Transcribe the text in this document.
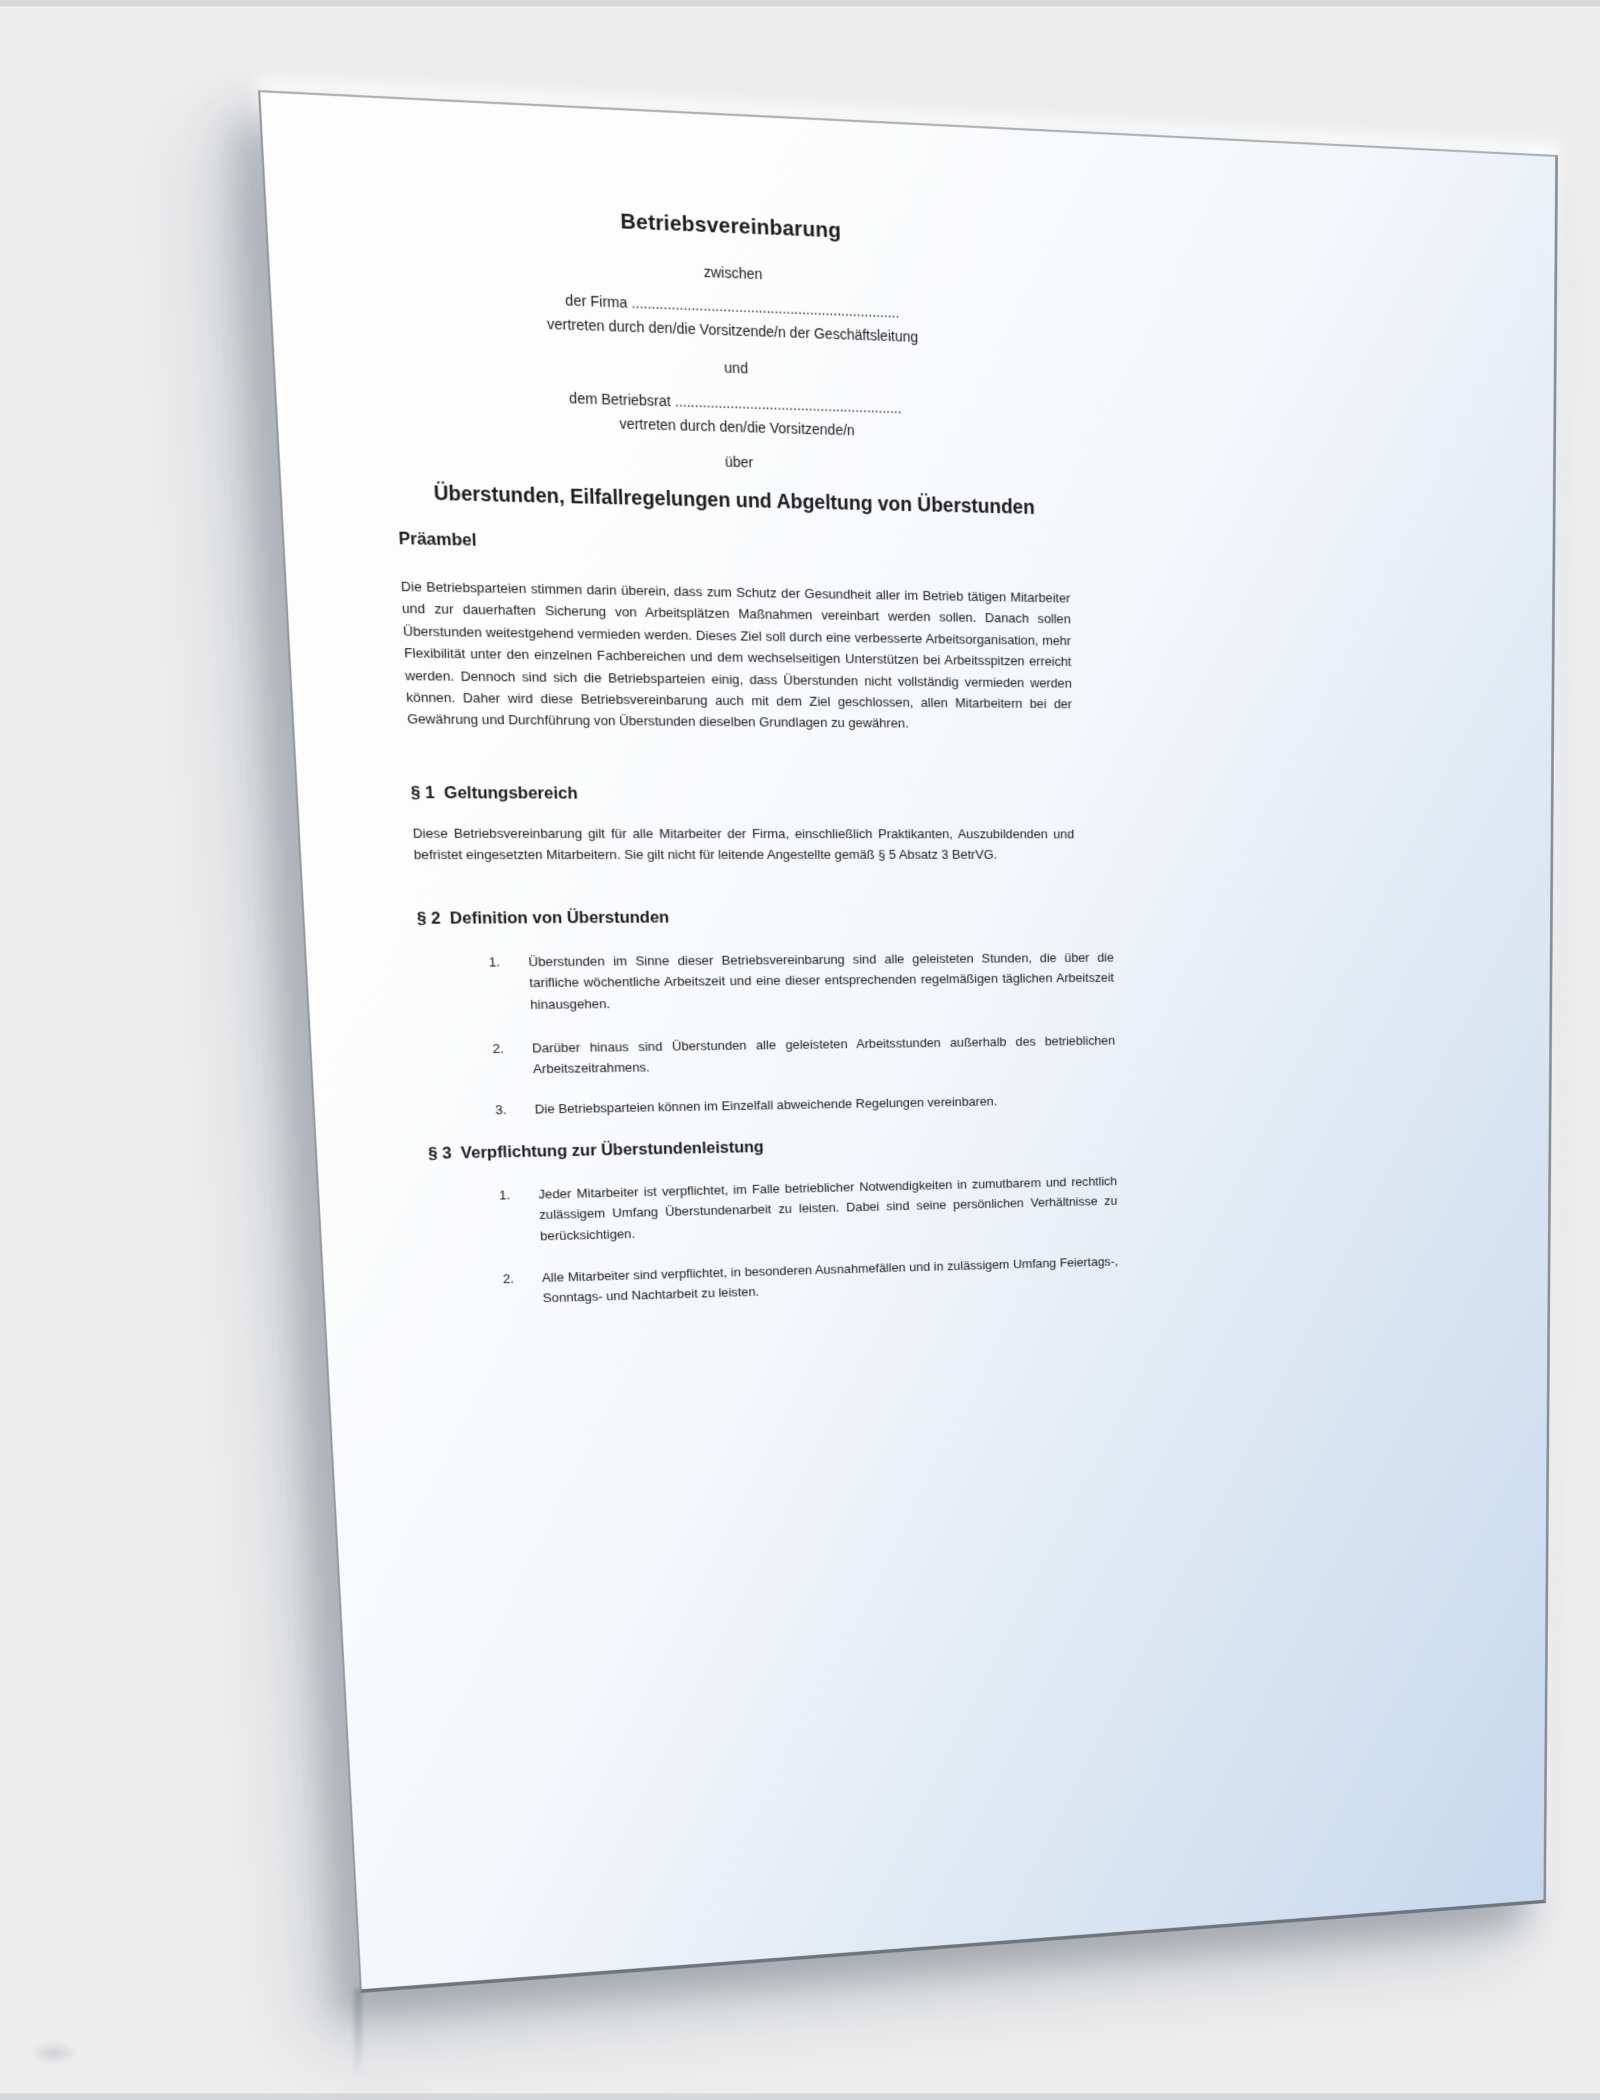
Betriebsvereinbarung
zwischen
der Firma ....................................................................
vertreten durch den/die Vorsitzende/n der Geschäftsleitung
und
dem Betriebsrat ..........................................................
vertreten durch den/die Vorsitzende/n
über
Überstunden, Eilfallregelungen und Abgeltung von Überstunden
Präambel
Die Betriebsparteien stimmen darin überein, dass zum Schutz der Gesundheit aller im Betrieb tätigen Mitarbeiter und zur dauerhaften Sicherung von Arbeitsplätzen Maßnahmen vereinbart werden sollen. Danach sollen Überstunden weitestgehend vermieden werden. Dieses Ziel soll durch eine verbesserte Arbeitsorganisation, mehr Flexibilität unter den einzelnen Fachbereichen und dem wechselseitigen Unterstützen bei Arbeitsspitzen erreicht werden. Dennoch sind sich die Betriebsparteien einig, dass Überstunden nicht vollständig vermieden werden können. Daher wird diese Betriebsvereinbarung auch mit dem Ziel geschlossen, allen Mitarbeitern bei der Gewährung und Durchführung von Überstunden dieselben Grundlagen zu gewähren.
§ 1  Geltungsbereich
Diese Betriebsvereinbarung gilt für alle Mitarbeiter der Firma, einschließlich Praktikanten, Auszubildenden und befristet eingesetzten Mitarbeitern. Sie gilt nicht für leitende Angestellte gemäß § 5 Absatz 3 BetrVG.
§ 2  Definition von Überstunden
1. Überstunden im Sinne dieser Betriebsvereinbarung sind alle geleisteten Stunden, die über die tarifliche wöchentliche Arbeitszeit und eine dieser entsprechenden regelmäßigen täglichen Arbeitszeit hinausgehen.
2. Darüber hinaus sind Überstunden alle geleisteten Arbeitsstunden außerhalb des betrieblichen Arbeitszeitrahmens.
3. Die Betriebsparteien können im Einzelfall abweichende Regelungen vereinbaren.
§ 3  Verpflichtung zur Überstundenleistung
1. Jeder Mitarbeiter ist verpflichtet, im Falle betrieblicher Notwendigkeiten in zumutbarem und rechtlich zulässigem Umfang Überstundenarbeit zu leisten. Dabei sind seine persönlichen Verhältnisse zu berücksichtigen.
2. Alle Mitarbeiter sind verpflichtet, in besonderen Ausnahmefällen und in zulässigem Umfang Feiertags-, Sonntags- und Nachtarbeit zu leisten.
